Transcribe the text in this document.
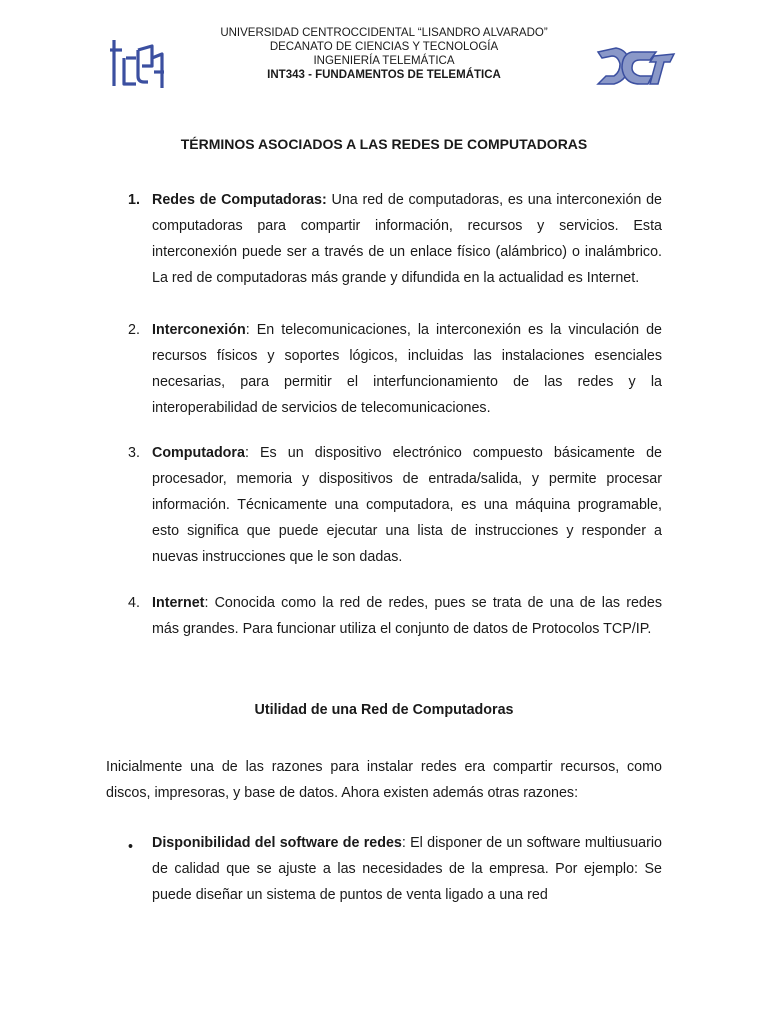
UNIVERSIDAD CENTROCCIDENTAL “LISANDRO ALVARADO”
DECANATO DE CIENCIAS Y TECNOLOGÍA
INGENIERÍA TELEMÁTICA
INT343 - FUNDAMENTOS DE TELEMÁTICA
TÉRMINOS ASOCIADOS A LAS REDES DE COMPUTADORAS
1. Redes de Computadoras: Una red de computadoras, es una interconexión de computadoras para compartir información, recursos y servicios. Esta interconexión puede ser a través de un enlace físico (alámbrico) o inalámbrico. La red de computadoras más grande y difundida en la actualidad es Internet.
2. Interconexión: En telecomunicaciones, la interconexión es la vinculación de recursos físicos y soportes lógicos, incluidas las instalaciones esenciales necesarias, para permitir el interfuncionamiento de las redes y la interoperabilidad de servicios de telecomunicaciones.
3. Computadora: Es un dispositivo electrónico compuesto básicamente de procesador, memoria y dispositivos de entrada/salida, y permite procesar información. Técnicamente una computadora, es una máquina programable, esto significa que puede ejecutar una lista de instrucciones y responder a nuevas instrucciones que le son dadas.
4. Internet: Conocida como la red de redes, pues se trata de una de las redes más grandes. Para funcionar utiliza el conjunto de datos de Protocolos TCP/IP.
Utilidad de una Red de Computadoras
Inicialmente una de las razones para instalar redes era compartir recursos, como discos, impresoras, y base de datos. Ahora existen además otras razones:
• Disponibilidad del software de redes: El disponer de un software multiusuario de calidad que se ajuste a las necesidades de la empresa. Por ejemplo: Se puede diseñar un sistema de puntos de venta ligado a una red
